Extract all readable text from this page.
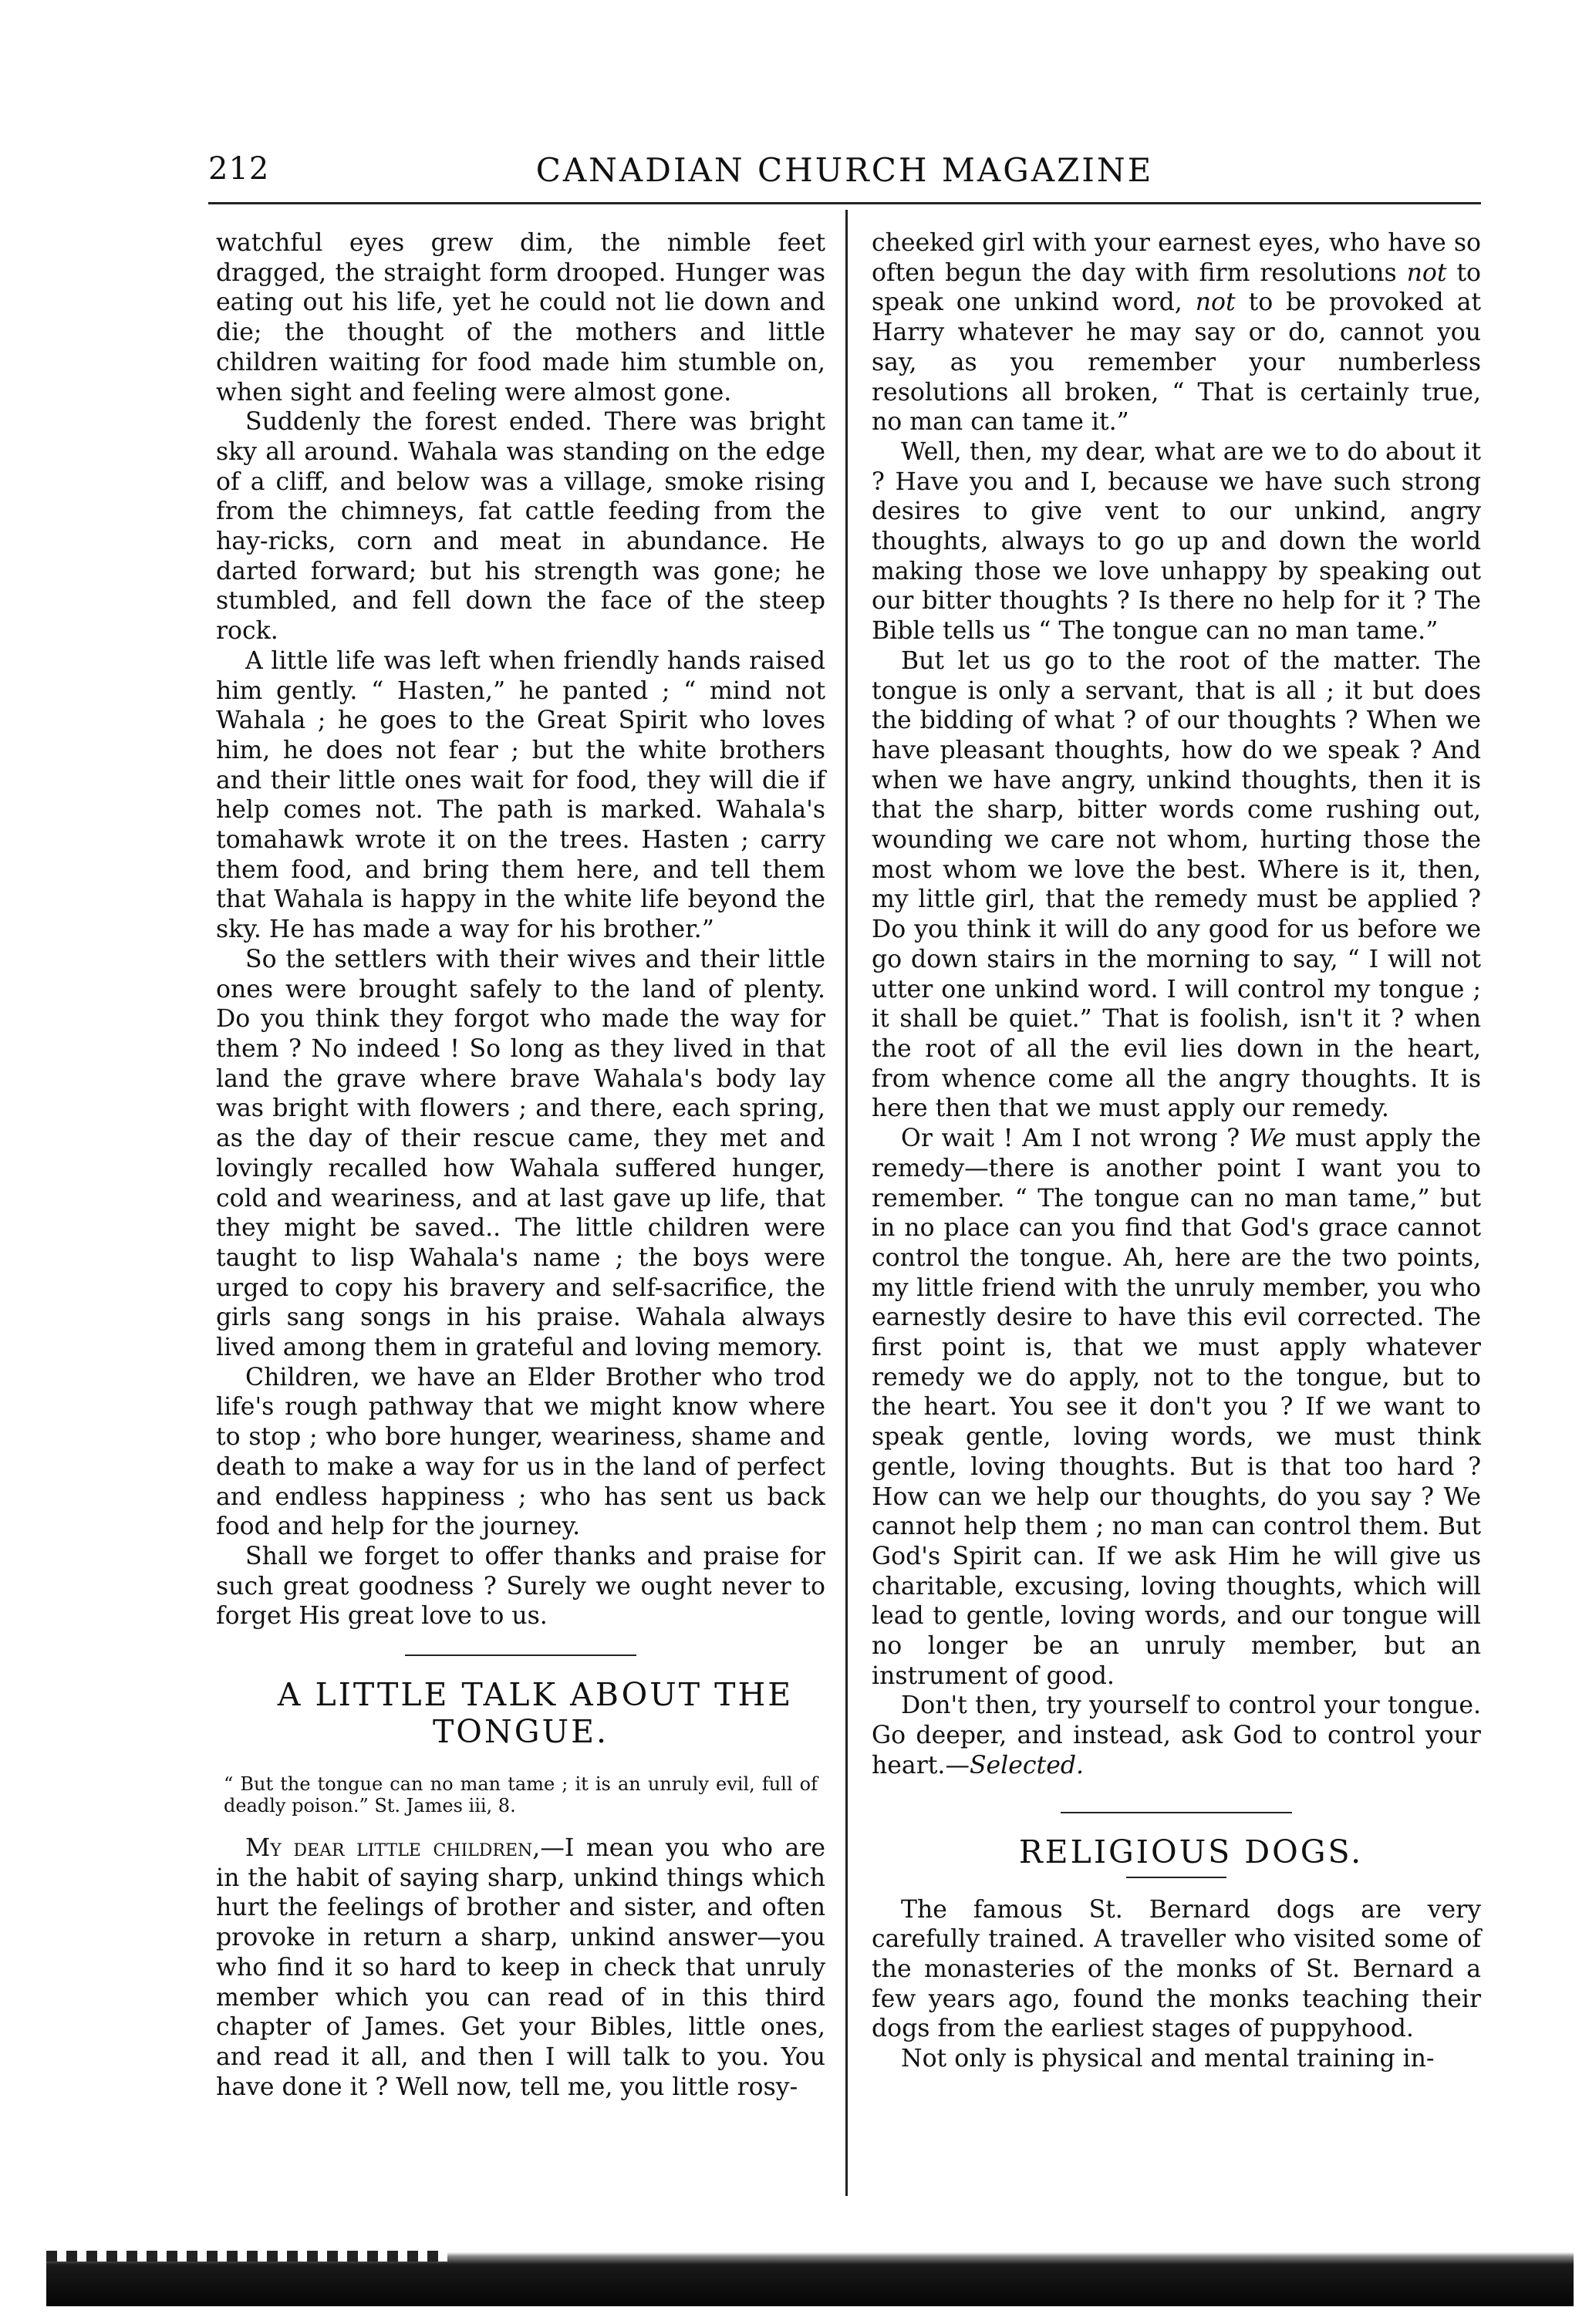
212	CANADIAN CHURCH MAGAZINE

watchful eyes grew dim, the nimble feet dragged, the straight form drooped. Hunger was eating out his life, yet he could not lie down and die; the thought of the mothers and little children waiting for food made him stumble on, when sight and feeling were almost gone.

Suddenly the forest ended. There was bright sky all around. Wahala was standing on the edge of a cliff, and below was a village, smoke rising from the chimneys, fat cattle feeding from the hay-ricks, corn and meat in abundance. He darted forward; but his strength was gone; he stumbled, and fell down the face of the steep rock.

A little life was left when friendly hands raised him gently. “ Hasten,” he panted ; “ mind not Wahala ; he goes to the Great Spirit who loves him, he does not fear ; but the white brothers and their little ones wait for food, they will die if help comes not. The path is marked. Wahala's tomahawk wrote it on the trees. Hasten ; carry them food, and bring them here, and tell them that Wahala is happy in the white life beyond the sky. He has made a way for his brother.”

So the settlers with their wives and their little ones were brought safely to the land of plenty. Do you think they forgot who made the way for them ? No indeed ! So long as they lived in that land the grave where brave Wahala's body lay was bright with flowers ; and there, each spring, as the day of their rescue came, they met and lovingly recalled how Wahala suffered hunger, cold and weariness, and at last gave up life, that they might be saved.. The little children were taught to lisp Wahala's name ; the boys were urged to copy his bravery and self-sacrifice, the girls sang songs in his praise. Wahala always lived among them in grateful and loving memory.

Children, we have an Elder Brother who trod life's rough pathway that we might know where to stop ; who bore hunger, weariness, shame and death to make a way for us in the land of perfect and endless happiness ; who has sent us back food and help for the journey.

Shall we forget to offer thanks and praise for such great goodness ? Surely we ought never to forget His great love to us.

A LITTLE TALK ABOUT THE TONGUE.

“ But the tongue can no man tame ; it is an unruly evil, full of deadly poison.” St. James iii, 8.

My dear little children,—I mean you who are in the habit of saying sharp, unkind things which hurt the feelings of brother and sister, and often provoke in return a sharp, unkind answer—you who find it so hard to keep in check that unruly member which you can read of in this third chapter of James. Get your Bibles, little ones, and read it all, and then I will talk to you. You have done it ? Well now, tell me, you little rosy-

cheeked girl with your earnest eyes, who have so often begun the day with firm resolutions not to speak one unkind word, not to be provoked at Harry whatever he may say or do, cannot you say, as you remember your numberless resolutions all broken, “ That is certainly true, no man can tame it.”

Well, then, my dear, what are we to do about it ? Have you and I, because we have such strong desires to give vent to our unkind, angry thoughts, always to go up and down the world making those we love unhappy by speaking out our bitter thoughts ? Is there no help for it ? The Bible tells us “ The tongue can no man tame.”

But let us go to the root of the matter. The tongue is only a servant, that is all ; it but does the bidding of what ? of our thoughts ? When we have pleasant thoughts, how do we speak ? And when we have angry, unkind thoughts, then it is that the sharp, bitter words come rushing out, wounding we care not whom, hurting those the most whom we love the best. Where is it, then, my little girl, that the remedy must be applied ? Do you think it will do any good for us before we go down stairs in the morning to say, “ I will not utter one unkind word. I will control my tongue ; it shall be quiet.” That is foolish, isn't it ? when the root of all the evil lies down in the heart, from whence come all the angry thoughts. It is here then that we must apply our remedy.

Or wait ! Am I not wrong ? We must apply the remedy—there is another point I want you to remember. “ The tongue can no man tame,” but in no place can you find that God's grace cannot control the tongue. Ah, here are the two points, my little friend with the unruly member, you who earnestly desire to have this evil corrected. The first point is, that we must apply whatever remedy we do apply, not to the tongue, but to the heart. You see it don't you ? If we want to speak gentle, loving words, we must think gentle, loving thoughts. But is that too hard ? How can we help our thoughts, do you say ? We cannot help them ; no man can control them. But God's Spirit can. If we ask Him he will give us charitable, excusing, loving thoughts, which will lead to gentle, loving words, and our tongue will no longer be an unruly member, but an instrument of good.

Don't then, try yourself to control your tongue. Go deeper, and instead, ask God to control your heart.—Selected.

RELIGIOUS DOGS.

The famous St. Bernard dogs are very carefully trained. A traveller who visited some of the monasteries of the monks of St. Bernard a few years ago, found the monks teaching their dogs from the earliest stages of puppyhood.

Not only is physical and mental training in-
